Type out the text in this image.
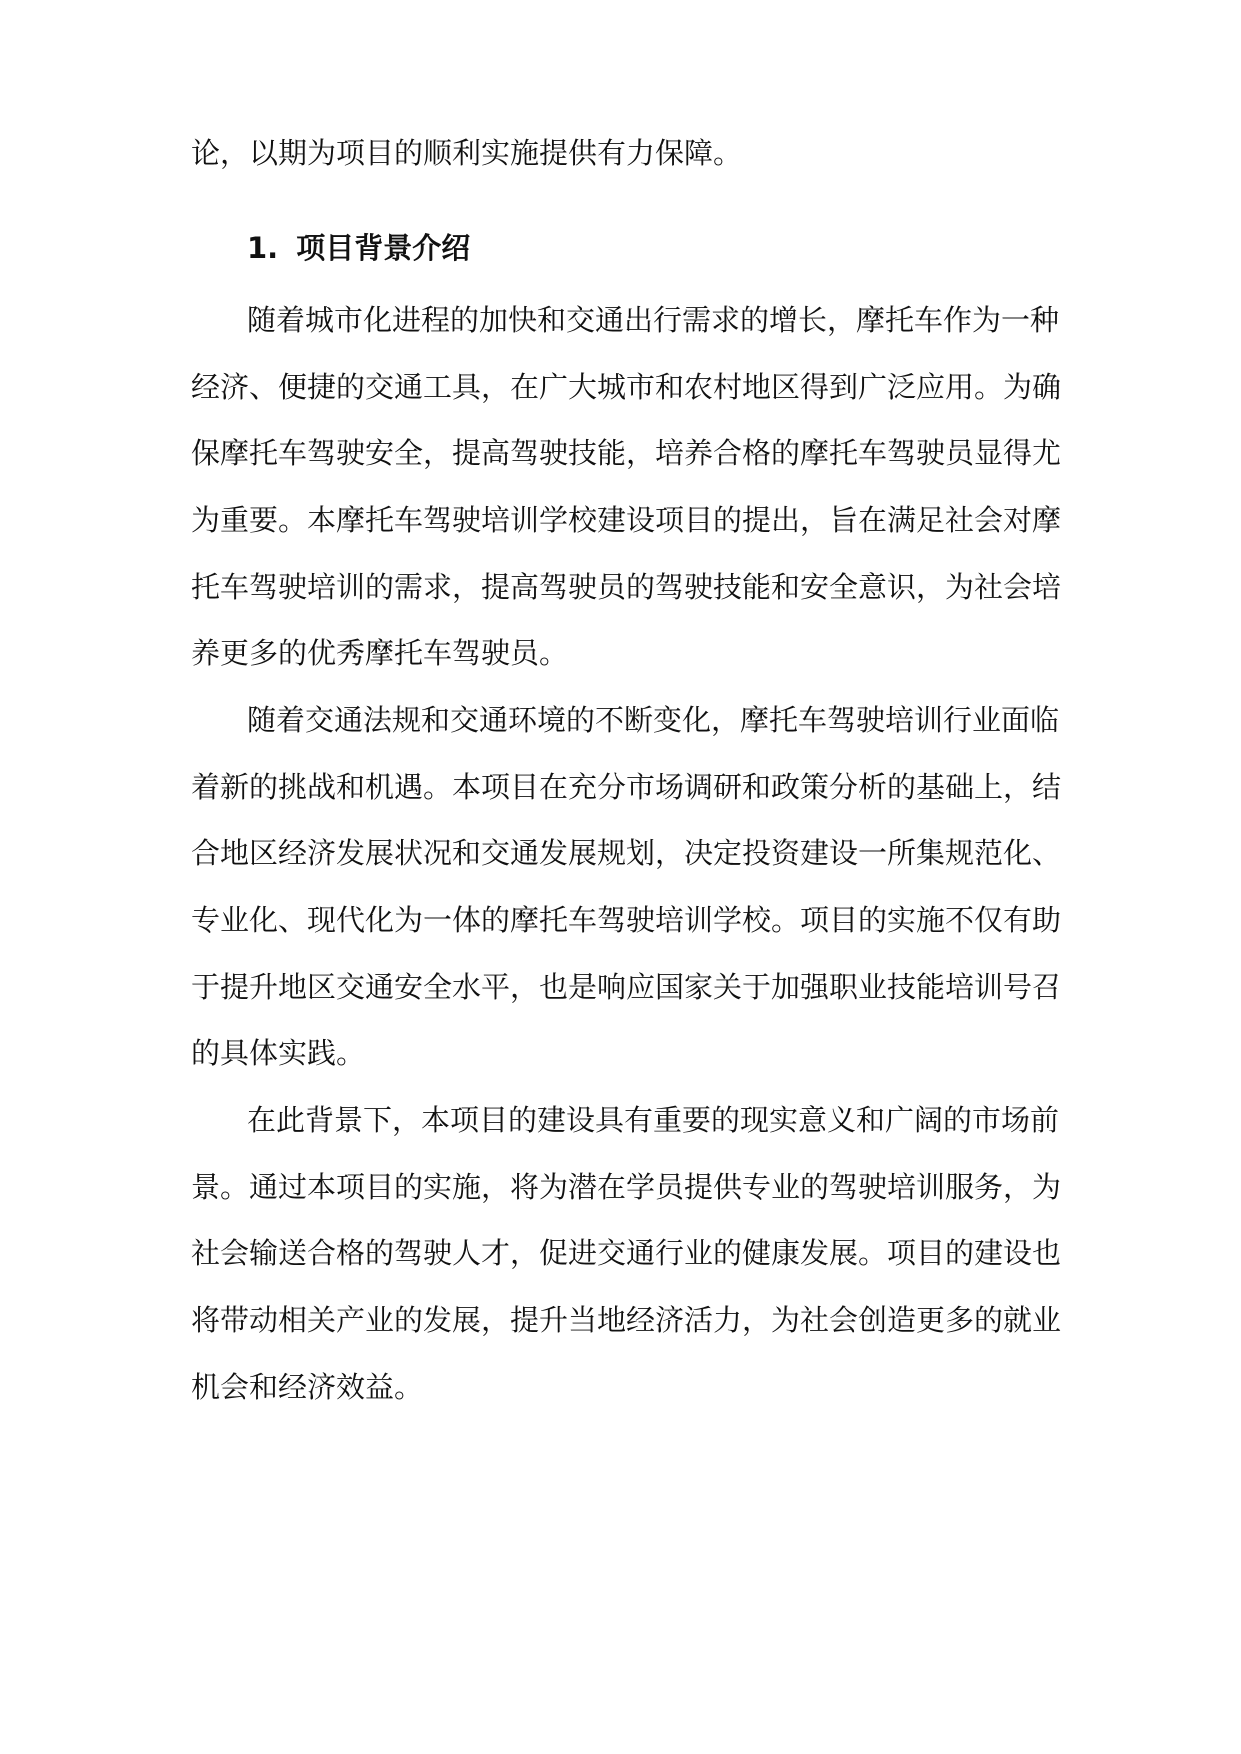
论，以期为项目的顺利实施提供有力保障。
1. 项目背景介绍
随着城市化进程的加快和交通出行需求的增长，摩托车作为一种
经济、便捷的交通工具，在广大城市和农村地区得到广泛应用。为确
保摩托车驾驶安全，提高驾驶技能，培养合格的摩托车驾驶员显得尤
为重要。本摩托车驾驶培训学校建设项目的提出，旨在满足社会对摩
托车驾驶培训的需求，提高驾驶员的驾驶技能和安全意识，为社会培
养更多的优秀摩托车驾驶员。
随着交通法规和交通环境的不断变化，摩托车驾驶培训行业面临
着新的挑战和机遇。本项目在充分市场调研和政策分析的基础上，结
合地区经济发展状况和交通发展规划，决定投资建设一所集规范化、
专业化、现代化为一体的摩托车驾驶培训学校。项目的实施不仅有助
于提升地区交通安全水平，也是响应国家关于加强职业技能培训号召
的具体实践。
在此背景下，本项目的建设具有重要的现实意义和广阔的市场前
景。通过本项目的实施，将为潜在学员提供专业的驾驶培训服务，为
社会输送合格的驾驶人才，促进交通行业的健康发展。项目的建设也
将带动相关产业的发展，提升当地经济活力，为社会创造更多的就业
机会和经济效益。
